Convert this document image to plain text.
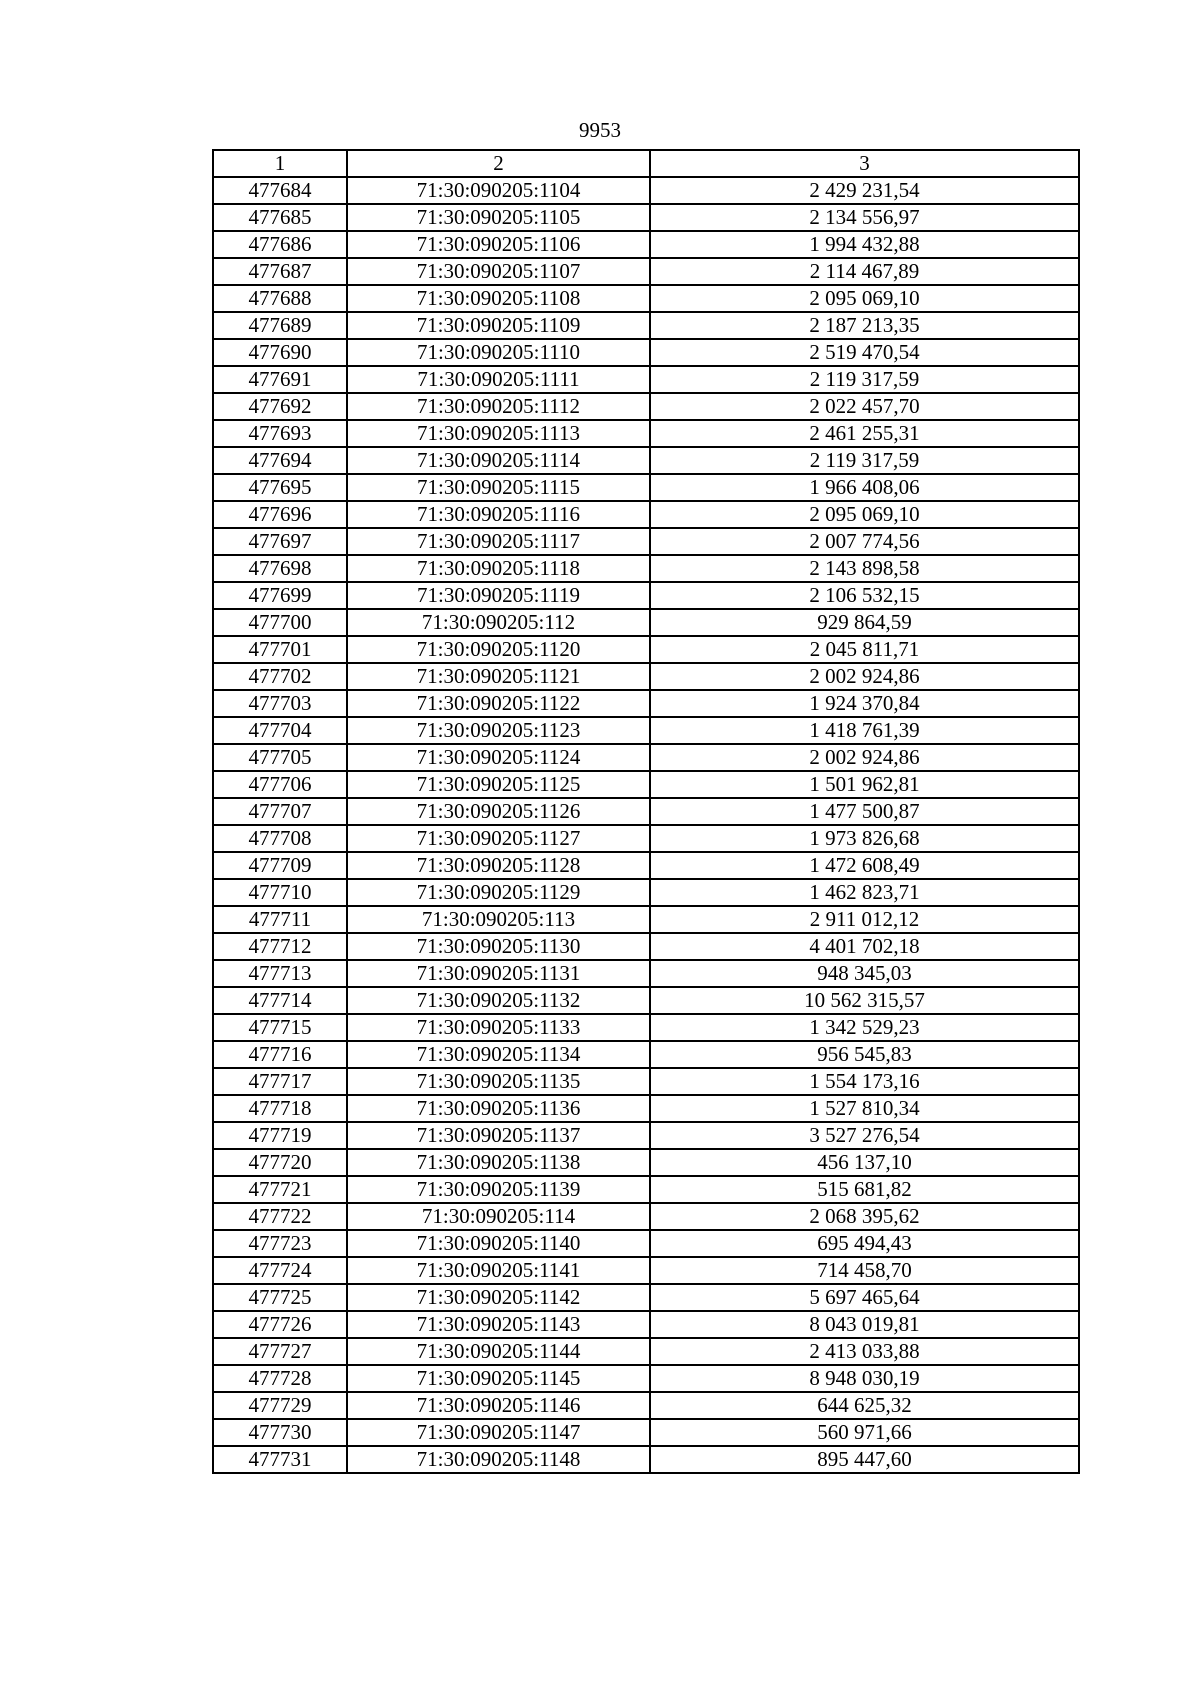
9953
1	2	3
477684	71:30:090205:1104	2 429 231,54
477685	71:30:090205:1105	2 134 556,97
477686	71:30:090205:1106	1 994 432,88
477687	71:30:090205:1107	2 114 467,89
477688	71:30:090205:1108	2 095 069,10
477689	71:30:090205:1109	2 187 213,35
477690	71:30:090205:1110	2 519 470,54
477691	71:30:090205:1111	2 119 317,59
477692	71:30:090205:1112	2 022 457,70
477693	71:30:090205:1113	2 461 255,31
477694	71:30:090205:1114	2 119 317,59
477695	71:30:090205:1115	1 966 408,06
477696	71:30:090205:1116	2 095 069,10
477697	71:30:090205:1117	2 007 774,56
477698	71:30:090205:1118	2 143 898,58
477699	71:30:090205:1119	2 106 532,15
477700	71:30:090205:112	929 864,59
477701	71:30:090205:1120	2 045 811,71
477702	71:30:090205:1121	2 002 924,86
477703	71:30:090205:1122	1 924 370,84
477704	71:30:090205:1123	1 418 761,39
477705	71:30:090205:1124	2 002 924,86
477706	71:30:090205:1125	1 501 962,81
477707	71:30:090205:1126	1 477 500,87
477708	71:30:090205:1127	1 973 826,68
477709	71:30:090205:1128	1 472 608,49
477710	71:30:090205:1129	1 462 823,71
477711	71:30:090205:113	2 911 012,12
477712	71:30:090205:1130	4 401 702,18
477713	71:30:090205:1131	948 345,03
477714	71:30:090205:1132	10 562 315,57
477715	71:30:090205:1133	1 342 529,23
477716	71:30:090205:1134	956 545,83
477717	71:30:090205:1135	1 554 173,16
477718	71:30:090205:1136	1 527 810,34
477719	71:30:090205:1137	3 527 276,54
477720	71:30:090205:1138	456 137,10
477721	71:30:090205:1139	515 681,82
477722	71:30:090205:114	2 068 395,62
477723	71:30:090205:1140	695 494,43
477724	71:30:090205:1141	714 458,70
477725	71:30:090205:1142	5 697 465,64
477726	71:30:090205:1143	8 043 019,81
477727	71:30:090205:1144	2 413 033,88
477728	71:30:090205:1145	8 948 030,19
477729	71:30:090205:1146	644 625,32
477730	71:30:090205:1147	560 971,66
477731	71:30:090205:1148	895 447,60
